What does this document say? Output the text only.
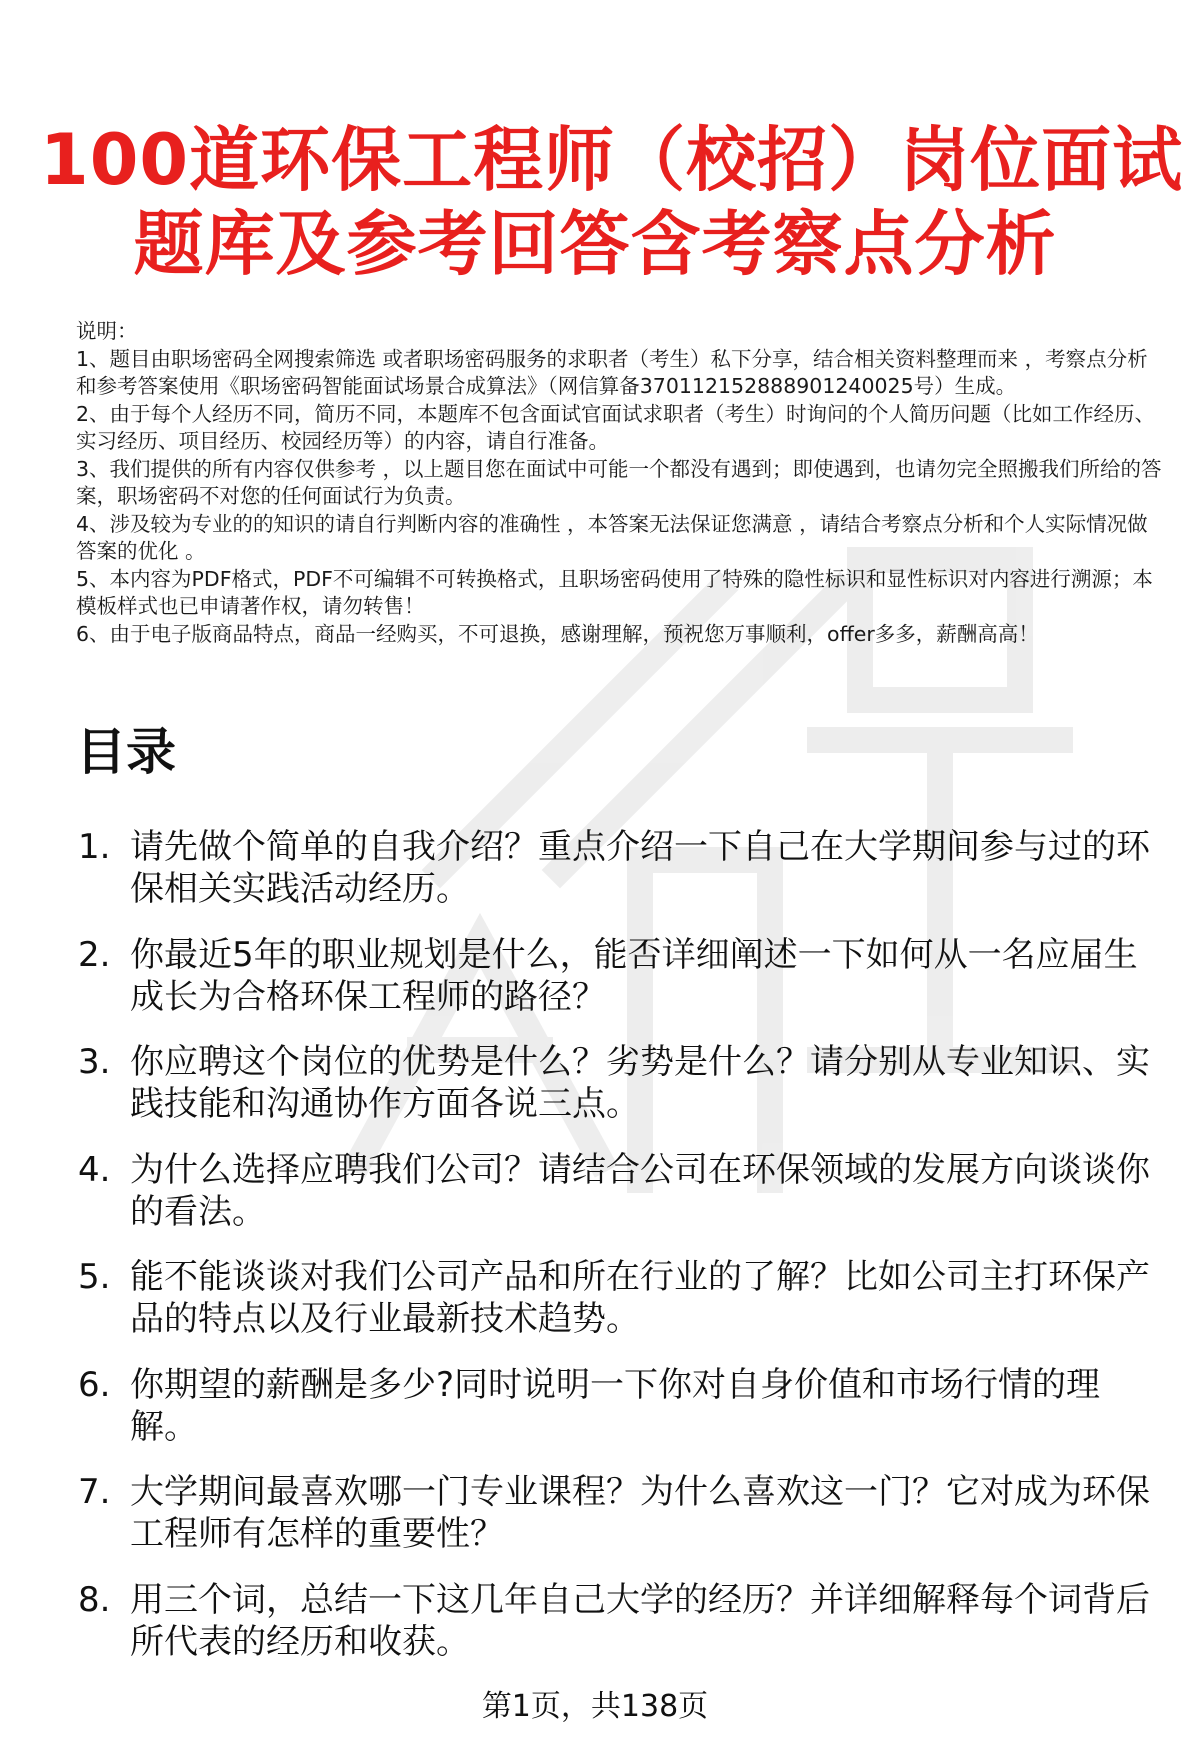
100道环保工程师（校招）岗位面试
题库及参考回答含考察点分析

说明：

1、题目由职场密码全网搜索筛选 或者职场密码服务的求职者（考生）私下分享，结合相关资料整理而来 ，考察点分析和参考答案使用《职场密码智能面试场景合成算法》（网信算备370112152888901240025号）生成。

2、由于每个人经历不同，简历不同，本题库不包含面试官面试求职者（考生）时询问的个人简历问题（比如工作经历、实习经历、项目经历、校园经历等）的内容，请自行准备。

3、我们提供的所有内容仅供参考 ，以上题目您在面试中可能一个都没有遇到；即使遇到，也请勿完全照搬我们所给的答案，职场密码不对您的任何面试行为负责。

4、涉及较为专业的的知识的请自行判断内容的准确性 ，本答案无法保证您满意 ，请结合考察点分析和个人实际情况做答案的优化 。

5、本内容为PDF格式，PDF不可编辑不可转换格式，且职场密码使用了特殊的隐性标识和显性标识对内容进行溯源；本模板样式也已申请著作权，请勿转售！

6、由于电子版商品特点，商品一经购买，不可退换，感谢理解，预祝您万事顺利，offer多多，薪酬高高！

目录
1. 请先做个简单的自我介绍？重点介绍一下自己在大学期间参与过的环保相关实践活动经历。
2. 你最近5年的职业规划是什么，能否详细阐述一下如何从一名应届生成长为合格环保工程师的路径？
3. 你应聘这个岗位的优势是什么？劣势是什么？请分别从专业知识、实践技能和沟通协作方面各说三点。
4. 为什么选择应聘我们公司？请结合公司在环保领域的发展方向谈谈你的看法。
5. 能不能谈谈对我们公司产品和所在行业的了解？比如公司主打环保产品的特点以及行业最新技术趋势。
6. 你期望的薪酬是多少?同时说明一下你对自身价值和市场行情的理解。
7. 大学期间最喜欢哪一门专业课程？为什么喜欢这一门？它对成为环保工程师有怎样的重要性？
8. 用三个词，总结一下这几年自己大学的经历？并详细解释每个词背后所代表的经历和收获。
第1页，共138页
